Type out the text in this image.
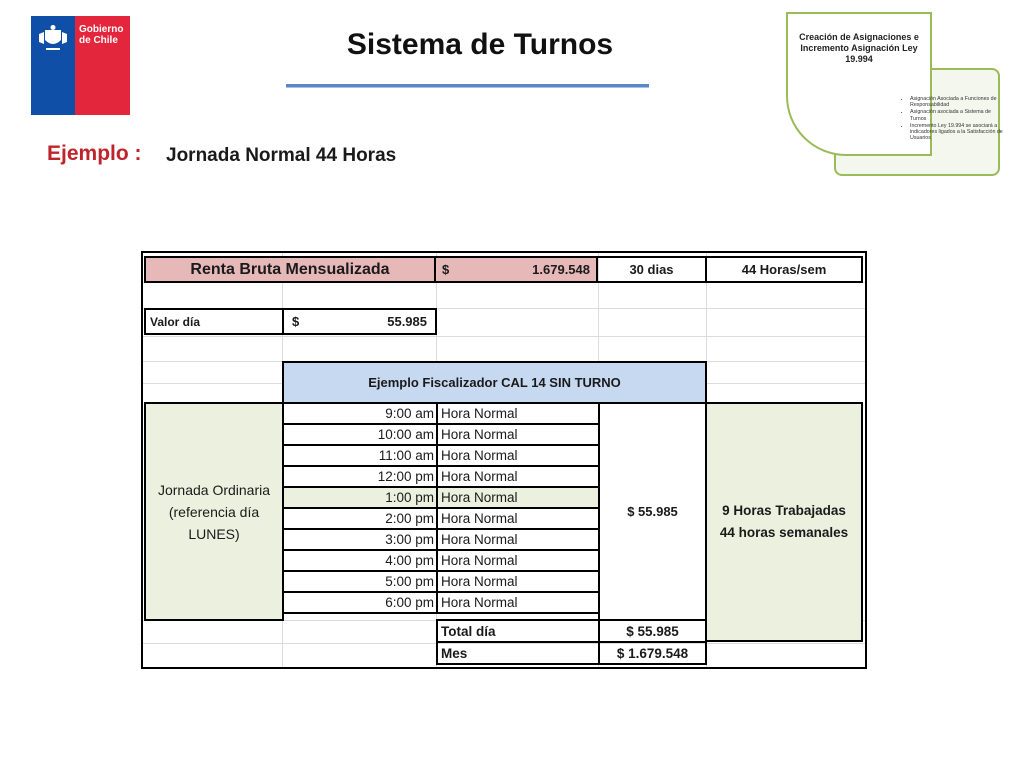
Gobierno
de Chile	Sistema de Turnos
Ejemplo : Jornada Normal 44 Horas
Creación de Asignaciones e Incremento Asignación Ley 19.994
• Asignación Asociada a Funciones de Responsabilidad
• Asignación asociada a Sistema de Turnos
• Incremento Ley 19.994 se asociará a indicadores ligados a la Satisfacción de Usuarios
Renta Bruta Mensualizada	$	1.679.548	30 dias	44 Horas/sem
Valor día	$	55.985
Ejemplo Fiscalizador CAL 14 SIN TURNO
Jornada Ordinaria (referencia día LUNES)
9:00 am Hora Normal
10:00 am Hora Normal
11:00 am Hora Normal
12:00 pm Hora Normal
1:00 pm Hora Normal
2:00 pm Hora Normal
3:00 pm Hora Normal
4:00 pm Hora Normal
5:00 pm Hora Normal
6:00 pm Hora Normal
$ 55.985	9 Horas Trabajadas
44 horas semanales
Total día	$ 55.985
Mes	$ 1.679.548
